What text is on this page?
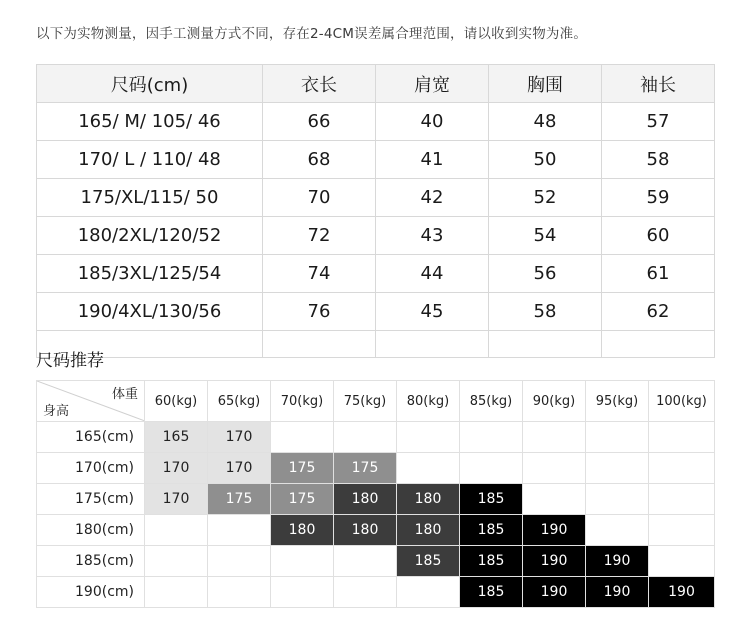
以下为实物测量，因手工测量方式不同，存在2-4CM误差属合理范围，请以收到实物为准。
尺码(cm)	衣长	肩宽	胸围	袖长
165/ M/ 105/ 46	66	40	48	57
170/ L / 110/ 48	68	41	50	58
175/XL/115/ 50	70	42	52	59
180/2XL/120/52	72	43	54	60
185/3XL/125/54	74	44	56	61
190/4XL/130/56	76	45	58	62

尺码推荐
体重
身高	60(kg)	65(kg)	70(kg)	75(kg)	80(kg)	85(kg)	90(kg)	95(kg)	100(kg)
165(cm)	165	170							
170(cm)	170	170	175	175					
175(cm)	170	175	175	180	180	185			
180(cm)			180	180	180	185	190		
185(cm)					185	185	190	190	
190(cm)						185	190	190	190
